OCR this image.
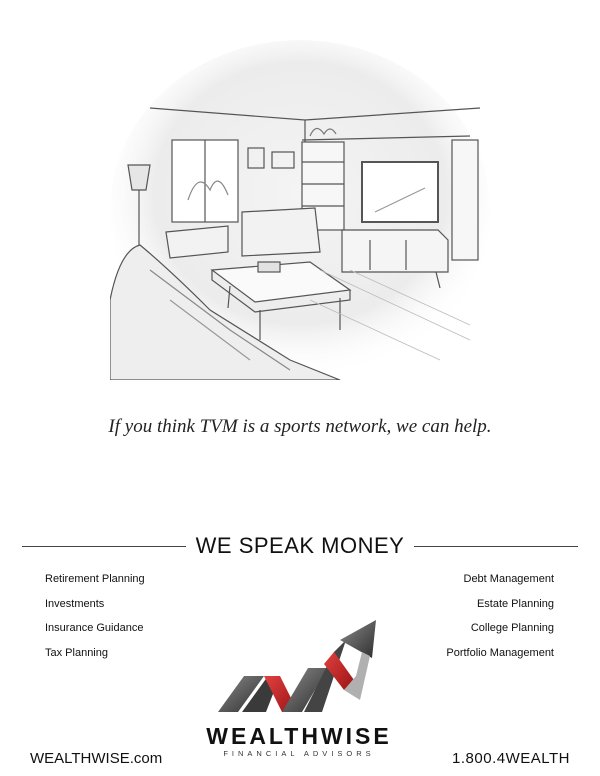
If you think TVM is a sports network, we can help.
WE SPEAK MONEY
Retirement Planning
Investments
Insurance Guidance
Tax Planning
Debt Management
Estate Planning
College Planning
Portfolio Management
WEALTHWISE
FINANCIAL ADVISORS
WEALTHWISE.com	1.800.4WEALTH
